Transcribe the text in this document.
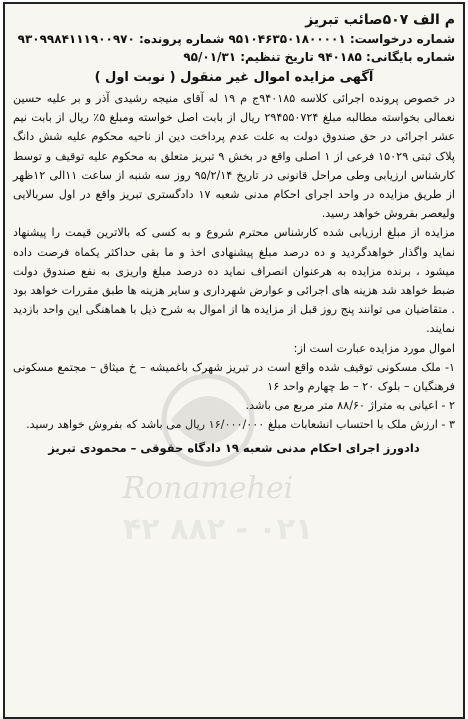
م الف ۵۰۷صائب تبریز

شماره درخواست: ۹۵۱۰۴۶۳۵۰۱۸۰۰۰۰۱ شماره پرونده: ۹۳۰۹۹۸۴۱۱۱۹۰۰۹۷۰

شماره بایگانی: ۹۴۰۱۸۵ تاریخ تنظیم: ۹۵/۰۱/۳۱

آگهی مزایده اموال غیر منقول ( نوبت اول )

در خصوص پرونده اجرائی کلاسه ۹۴۰۱۸۵ج م ۱۹ له آقای منیجه رشیدی آذر و بر علیه حسین نعمالی بخواسته مطالبه مبلغ ۲۹۴۵۵۰۷۲۴ ریال از بابت اصل خواسته ومبلغ ۵٪ ریال از بابت نیم عشر اجرائی در حق صندوق دولت به علت عدم پرداخت دین از ناحیه محکوم علیه شش دانگ پلاک ثبتی ۱۵۰۲۹ فرعی از ۱ اصلی واقع در بخش ۹ تبریز متعلق به محکوم علیه توقیف و توسط کارشناس ارزیابی وطی مراحل قانونی در تاریخ ۹۵/۲/۱۴ روز سه شنبه از ساعت ۱۱الی ۱۲ظهر از طریق مزایده در واحد اجرای احکام مدنی شعبه ۱۷ دادگستری تبریز واقع در اول سربالایی ولیعصر بفروش خواهد رسید.

مزایده از مبلغ ارزیابی شده کارشناس محترم شروع و به کسی که بالاترین قیمت را پیشنهاد نماید واگذار خواهدگردید و ده درصد مبلغ پیشنهادی اخذ و ما بقی حداکثر یکماه فرصت داده میشود ، برنده مزایده به هرعنوان انصراف نماید ده درصد مبلغ واریزی به نفع صندوق دولت ضبط خواهد شد هزینه های اجرائی و عوارض شهرداری و سایر هزینه ها طبق مقررات خواهد بود . متقاضیان می توانند پنج روز قبل از مزایده ها از اموال به شرح ذیل با هماهنگی این واحد بازدید نمایند.

اموال مورد مزایده عبارت است از:

۱- ملک مسکونی توقیف شده واقع است در تبریز شهرک باغمیشه – خ میثاق – مجتمع مسکونی فرهنگیان – بلوک ۲۰ – ط چهارم واحد ۱۶

۲ - اعیانی به متراژ ۸۸/۶۰ متر مربع می باشد.

۳ - ارزش ملک با احتساب انشعابات مبلغ ۱۶/۰۰۰/۰۰۰ ریال می باشد که بفروش خواهد رسید.

دادورز اجرای احکام مدنی شعبه ۱۹ دادگاه حقوقی – محمودی تبریز
Ronamehei
۰۲۱ - ۸۸۲ ۴۲
